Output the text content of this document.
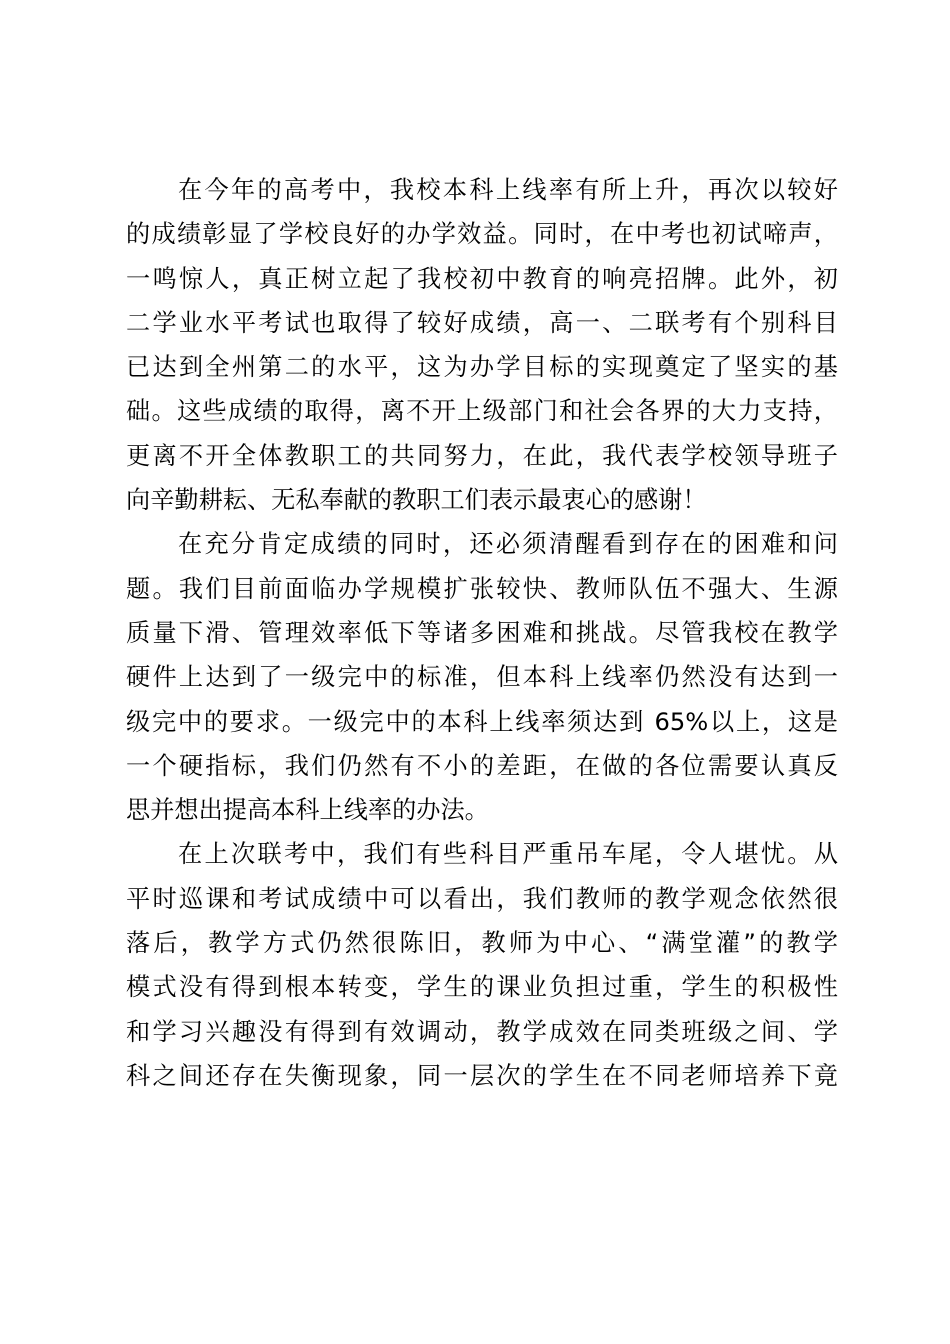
在今年的高考中，我校本科上线率有所上升，再次以较好
的成绩彰显了学校良好的办学效益。同时，在中考也初试啼声，
一鸣惊人，真正树立起了我校初中教育的响亮招牌。此外，初
二学业水平考试也取得了较好成绩，高一、二联考有个别科目
已达到全州第二的水平，这为办学目标的实现奠定了坚实的基
础。这些成绩的取得，离不开上级部门和社会各界的大力支持，
更离不开全体教职工的共同努力，在此，我代表学校领导班子
向辛勤耕耘、无私奉献的教职工们表示最衷心的感谢！
在充分肯定成绩的同时，还必须清醒看到存在的困难和问
题。我们目前面临办学规模扩张较快、教师队伍不强大、生源
质量下滑、管理效率低下等诸多困难和挑战。尽管我校在教学
硬件上达到了一级完中的标准，但本科上线率仍然没有达到一
级完中的要求。一级完中的本科上线率须达到 65%以上，这是
一个硬指标，我们仍然有不小的差距，在做的各位需要认真反
思并想出提高本科上线率的办法。
在上次联考中，我们有些科目严重吊车尾，令人堪忧。从
平时巡课和考试成绩中可以看出，我们教师的教学观念依然很
落后，教学方式仍然很陈旧，教师为中心、“满堂灌”的教学
模式没有得到根本转变，学生的课业负担过重，学生的积极性
和学习兴趣没有得到有效调动，教学成效在同类班级之间、学
科之间还存在失衡现象，同一层次的学生在不同老师培养下竟
